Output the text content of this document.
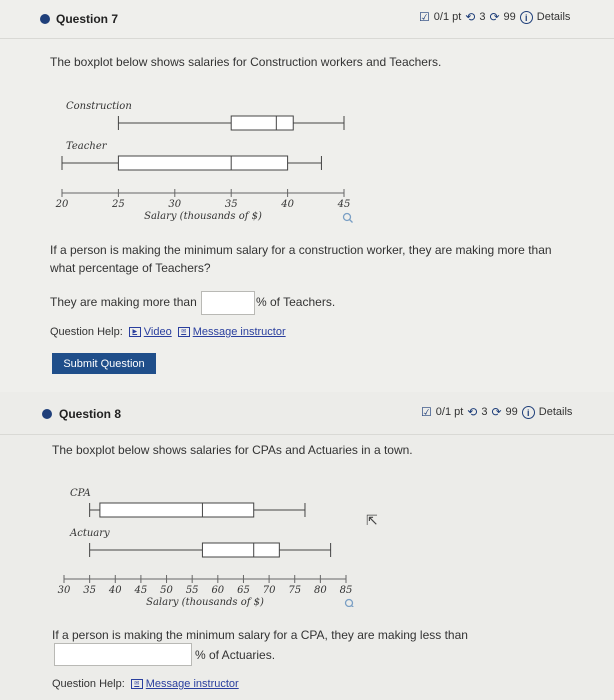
Question 7	☑ 0/1 pt ⟲ 3 ⟳ 99	i Details
The boxplot below shows salaries for Construction workers and Teachers.
Construction
Teacher
20	25	30	35	40	45
Salary (thousands of $)
If a person is making the minimum salary for a construction worker, they are making more than
what percentage of Teachers?
They are making more than	% of Teachers.
Question Help:	▶ Video	✉ Message instructor
Submit Question
Question 8	☑ 0/1 pt ⟲ 3 ⟳ 99	i Details
The boxplot below shows salaries for CPAs and Actuaries in a town.
CPA
Actuary
30 35 40 45 50 55 60 65 70 75 80 85
Salary (thousands of $)
⇱
If a person is making the minimum salary for a CPA, they are making less than
% of Actuaries.
Question Help:	✉ Message instructor
